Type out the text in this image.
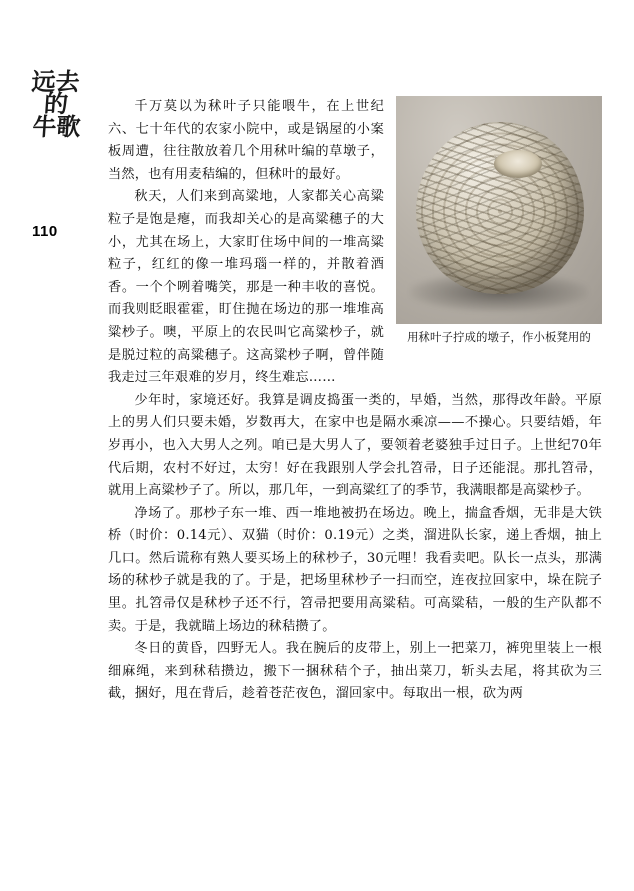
远去
的
牛歌
110
用秫叶子拧成的墩子，作小板凳用的

千万莫以为秫叶子只能喂牛，在上世纪六、七十年代的农家小院中，或是锅屋的小案板周遭，往往散放着几个用秫叶编的草墩子，当然，也有用麦秸编的，但秫叶的最好。

秋天，人们来到高粱地，人家都关心高粱粒子是饱是瘪，而我却关心的是高粱穗子的大小，尤其在场上，大家盯住场中间的一堆高粱粒子，红红的像一堆玛瑙一样的，并散着酒香。一个个咧着嘴笑，那是一种丰收的喜悦。而我则眨眼霍霍，盯住抛在场边的那一堆堆高粱杪子。噢，平原上的农民叫它高粱杪子，就是脱过粒的高粱穗子。这高粱杪子啊，曾伴随我走过三年艰难的岁月，终生难忘……

少年时，家境还好。我算是调皮捣蛋一类的，早婚，当然，那得改年龄。平原上的男人们只要未婚，岁数再大，在家中也是隔水乘凉——不操心。只要结婚，年岁再小，也入大男人之列。咱已是大男人了，要领着老婆独手过日子。上世纪70年代后期，农村不好过，太穷！好在我跟别人学会扎笤帚，日子还能混。那扎笤帚，就用上高粱杪子了。所以，那几年，一到高粱红了的季节，我满眼都是高粱杪子。

净场了。那杪子东一堆、西一堆地被扔在场边。晚上，揣盒香烟，无非是大铁桥（时价：0.14元）、双猫（时价：0.19元）之类，溜进队长家，递上香烟，抽上几口。然后谎称有熟人要买场上的秫杪子，30元哩！我看卖吧。队长一点头，那满场的秫杪子就是我的了。于是，把场里秫杪子一扫而空，连夜拉回家中，垛在院子里。扎笤帚仅是秫杪子还不行，笤帚把要用高粱秸。可高粱秸，一般的生产队都不卖。于是，我就瞄上场边的秫秸攒了。

冬日的黄昏，四野无人。我在腕后的皮带上，别上一把菜刀，裤兜里装上一根细麻绳，来到秫秸攒边，搬下一捆秫秸个子，抽出菜刀，斩头去尾，将其砍为三截，捆好，甩在背后，趁着苍茫夜色，溜回家中。每取出一根，砍为两
